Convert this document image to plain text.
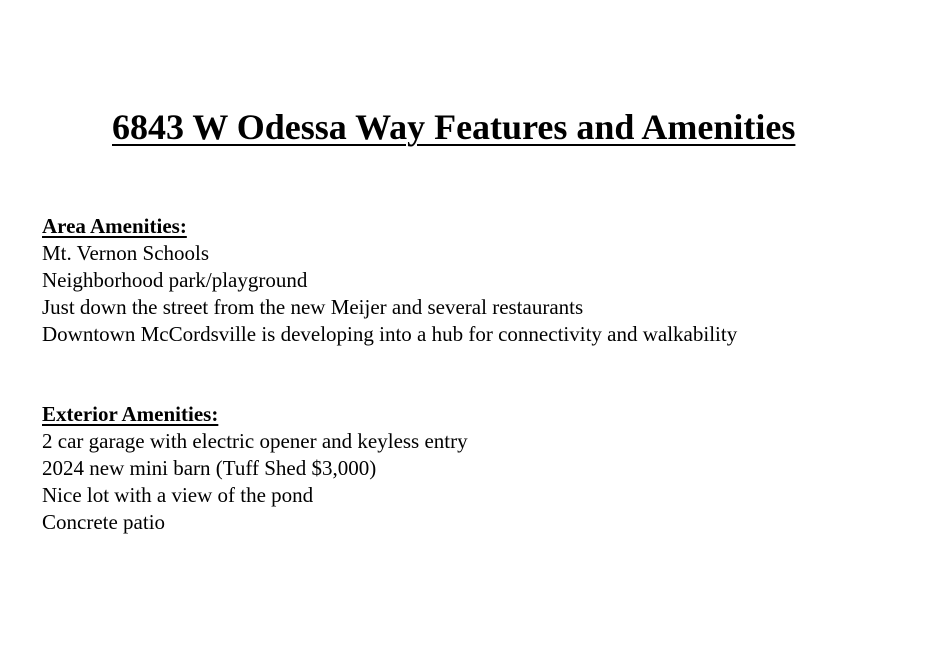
6843 W Odessa Way Features and Amenities
Area Amenities:
Mt. Vernon Schools
Neighborhood park/playground
Just down the street from the new Meijer and several restaurants
Downtown McCordsville is developing into a hub for connectivity and walkability
Exterior Amenities:
2 car garage with electric opener and keyless entry
2024 new mini barn (Tuff Shed $3,000)
Nice lot with a view of the pond
Concrete patio
